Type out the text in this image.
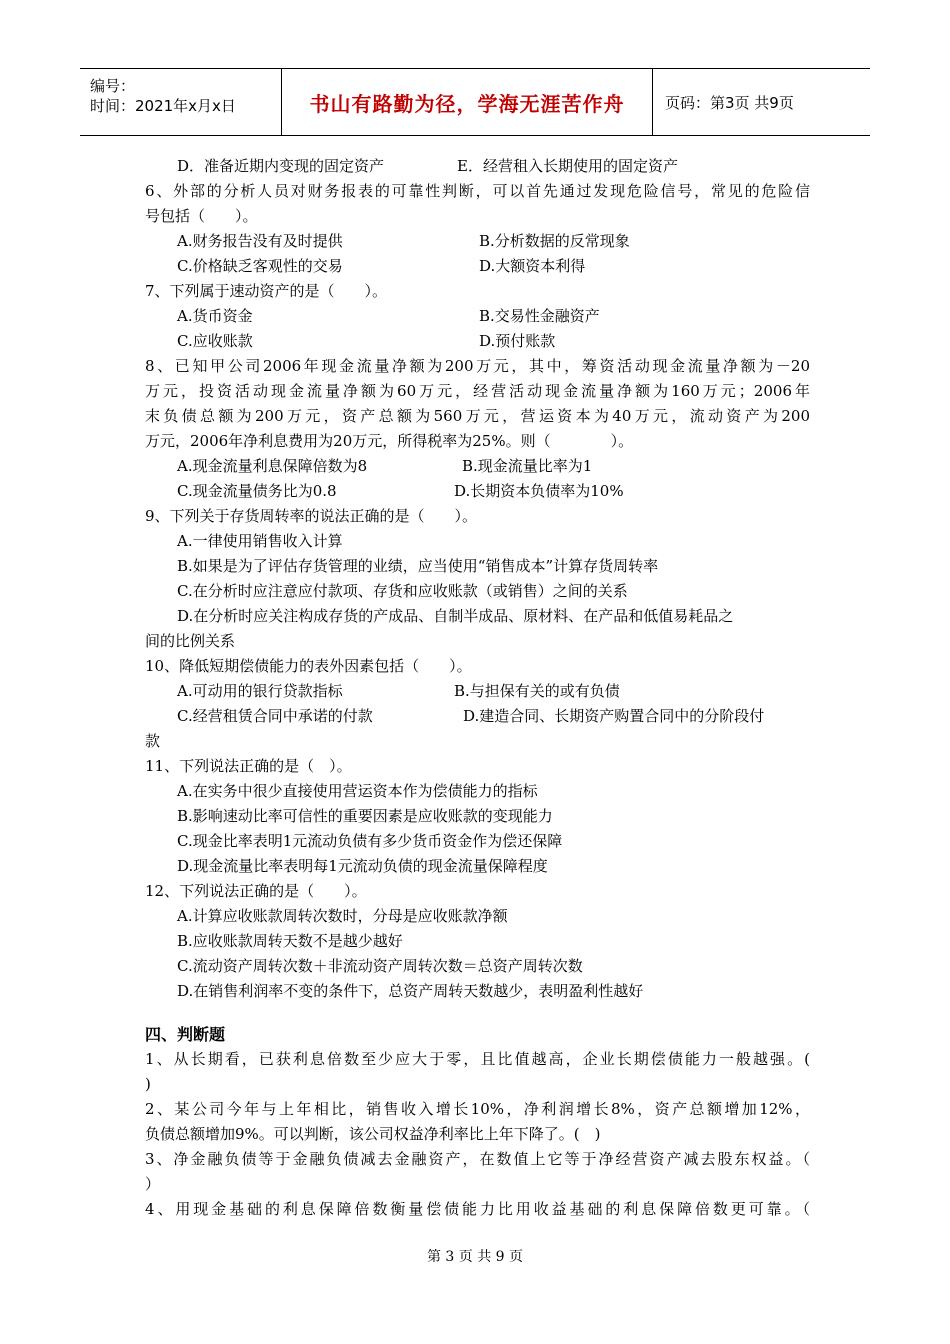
编号：
时间：2021年x月x日	书山有路勤为径，学海无涯苦作舟	页码：第3页 共9页
D．准备近期内变现的固定资产	E．经营租入长期使用的固定资产
6、外部的分析人员对财务报表的可靠性判断，可以首先通过发现危险信号，常见的危险信
号包括（　　）。
A.财务报告没有及时提供	B.分析数据的反常现象
C.价格缺乏客观性的交易	D.大额资本利得
7、下列属于速动资产的是（　　）。
A.货币资金	B.交易性金融资产
C.应收账款	D.预付账款
8、已知甲公司2006年现金流量净额为200万元，其中，筹资活动现金流量净额为－20
万元，投资活动现金流量净额为60万元，经营活动现金流量净额为160万元；2006年
末负债总额为200万元，资产总额为560万元，营运资本为40万元，流动资产为200
万元，2006年净利息费用为20万元，所得税率为25%。则（　　　　）。
A.现金流量利息保障倍数为8	B.现金流量比率为1
C.现金流量债务比为0.8	D.长期资本负债率为10%
9、下列关于存货周转率的说法正确的是（　　）。
A.一律使用销售收入计算
B.如果是为了评估存货管理的业绩，应当使用“销售成本”计算存货周转率
C.在分析时应注意应付款项、存货和应收账款（或销售）之间的关系
D.在分析时应关注构成存货的产成品、自制半成品、原材料、在产品和低值易耗品之
间的比例关系
10、降低短期偿债能力的表外因素包括（　　）。
A.可动用的银行贷款指标	B.与担保有关的或有负债
C.经营租赁合同中承诺的付款	D.建造合同、长期资产购置合同中的分阶段付
款
11、下列说法正确的是（　）。
A.在实务中很少直接使用营运资本作为偿债能力的指标
B.影响速动比率可信性的重要因素是应收账款的变现能力
C.现金比率表明1元流动负债有多少货币资金作为偿还保障
D.现金流量比率表明每1元流动负债的现金流量保障程度
12、下列说法正确的是（　　）。
A.计算应收账款周转次数时，分母是应收账款净额
B.应收账款周转天数不是越少越好
C.流动资产周转次数＋非流动资产周转次数＝总资产周转次数
D.在销售利润率不变的条件下，总资产周转天数越少，表明盈利性越好
四、判断题
1、从长期看，已获利息倍数至少应大于零，且比值越高，企业长期偿债能力一般越强。(
)
2、某公司今年与上年相比，销售收入增长10%，净利润增长8%，资产总额增加12%，
负债总额增加9%。可以判断，该公司权益净利率比上年下降了。(　)
3、净金融负债等于金融负债减去金融资产，在数值上它等于净经营资产减去股东权益。（
）
4、用现金基础的利息保障倍数衡量偿债能力比用收益基础的利息保障倍数更可靠。（
第 3 页 共 9 页
